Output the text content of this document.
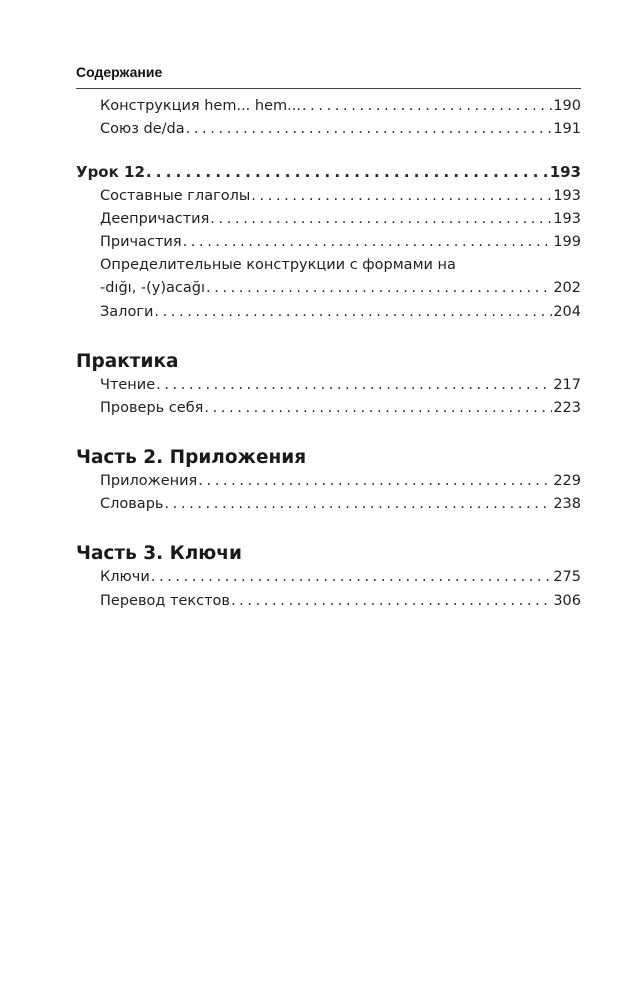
Содержание
Конструкция hem... hem... . . .	190
Союз de/da . . .	191
Урок 12 . . .	193
Составные глаголы . . .	193
Деепричастия . . .	193
Причастия . . .	199
Определительные конструкции с формами на
-dığı, -(y)acağı . . .	202
Залоги . . .	204
Практика
Чтение . . .	217
Проверь себя . . .	223
Часть 2. Приложения
Приложения . . .	229
Словарь . . .	238
Часть 3. Ключи
Ключи . . .	275
Перевод текстов . . .	306
